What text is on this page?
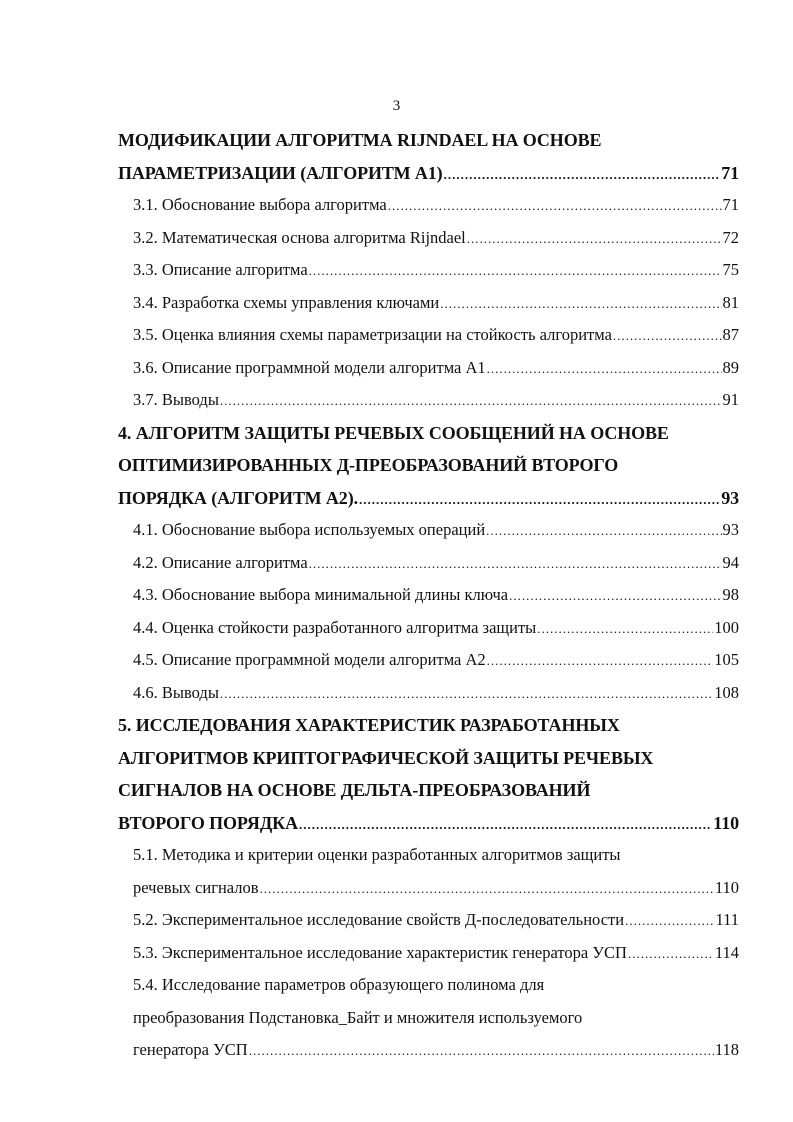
3
МОДИФИКАЦИИ АЛГОРИТМА RIJNDAEL НА ОСНОВЕ
ПАРАМЕТРИЗАЦИИ (АЛГОРИТМ А1) .....	71
3.1. Обоснование выбора алгоритма .....	71
3.2. Математическая основа алгоритма Rijndael .....	72
3.3. Описание алгоритма .....	75
3.4. Разработка схемы управления ключами .....	81
3.5. Оценка влияния схемы параметризации на стойкость алгоритма .....	87
3.6. Описание программной модели алгоритма А1 .....	89
3.7. Выводы .....	91
4. АЛГОРИТМ ЗАЩИТЫ РЕЧЕВЫХ СООБЩЕНИЙ НА ОСНОВЕ
ОПТИМИЗИРОВАННЫХ Д-ПРЕОБРАЗОВАНИЙ ВТОРОГО
ПОРЯДКА (АЛГОРИТМ А2). .....	93
4.1. Обоснование выбора используемых операций .....	93
4.2. Описание алгоритма .....	94
4.3. Обоснование выбора минимальной длины ключа .....	98
4.4. Оценка стойкости разработанного алгоритма защиты .....	100
4.5. Описание программной модели алгоритма А2 .....	105
4.6. Выводы .....	108
5. ИССЛЕДОВАНИЯ ХАРАКТЕРИСТИК РАЗРАБОТАННЫХ
АЛГОРИТМОВ КРИПТОГРАФИЧЕСКОЙ ЗАЩИТЫ РЕЧЕВЫХ
СИГНАЛОВ НА ОСНОВЕ ДЕЛЬТА-ПРЕОБРАЗОВАНИЙ
ВТОРОГО ПОРЯДКА .....	110
5.1. Методика и критерии оценки разработанных алгоритмов защиты
речевых сигналов .....	110
5.2. Экспериментальное исследование свойств Д-последовательности .....	111
5.3. Экспериментальное исследование характеристик генератора УСП .....	114
5.4. Исследование параметров образующего полинома для
преобразования Подстановка_Байт и множителя используемого
генератора УСП .....	118
